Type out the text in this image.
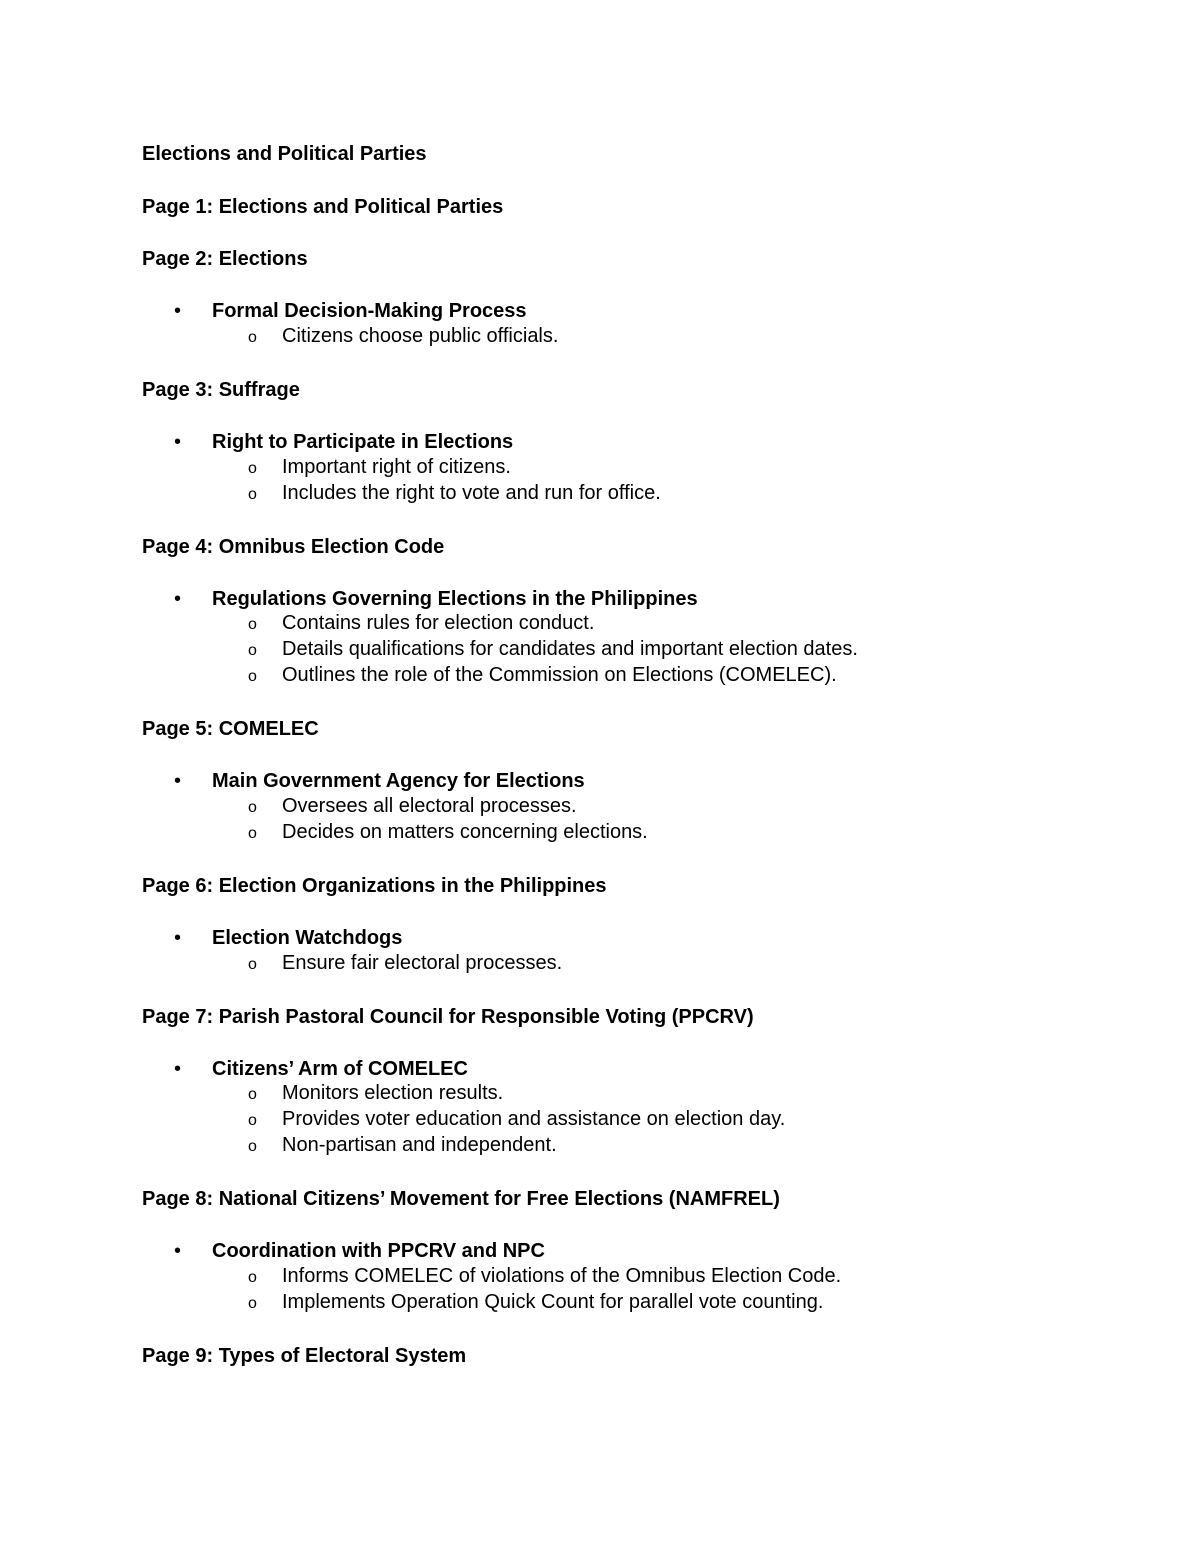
Elections and Political Parties
Page 1: Elections and Political Parties
Page 2: Elections
•	Formal Decision-Making Process
o Citizens choose public officials.
Page 3: Suffrage
•	Right to Participate in Elections
o Important right of citizens.
o Includes the right to vote and run for office.
Page 4: Omnibus Election Code
•	Regulations Governing Elections in the Philippines
o Contains rules for election conduct.
o Details qualifications for candidates and important election dates.
o Outlines the role of the Commission on Elections (COMELEC).
Page 5: COMELEC
•	Main Government Agency for Elections
o Oversees all electoral processes.
o Decides on matters concerning elections.
Page 6: Election Organizations in the Philippines
•	Election Watchdogs
o Ensure fair electoral processes.
Page 7: Parish Pastoral Council for Responsible Voting (PPCRV)
•	Citizens’ Arm of COMELEC
o Monitors election results.
o Provides voter education and assistance on election day.
o Non-partisan and independent.
Page 8: National Citizens’ Movement for Free Elections (NAMFREL)
•	Coordination with PPCRV and NPC
o Informs COMELEC of violations of the Omnibus Election Code.
o Implements Operation Quick Count for parallel vote counting.
Page 9: Types of Electoral System
